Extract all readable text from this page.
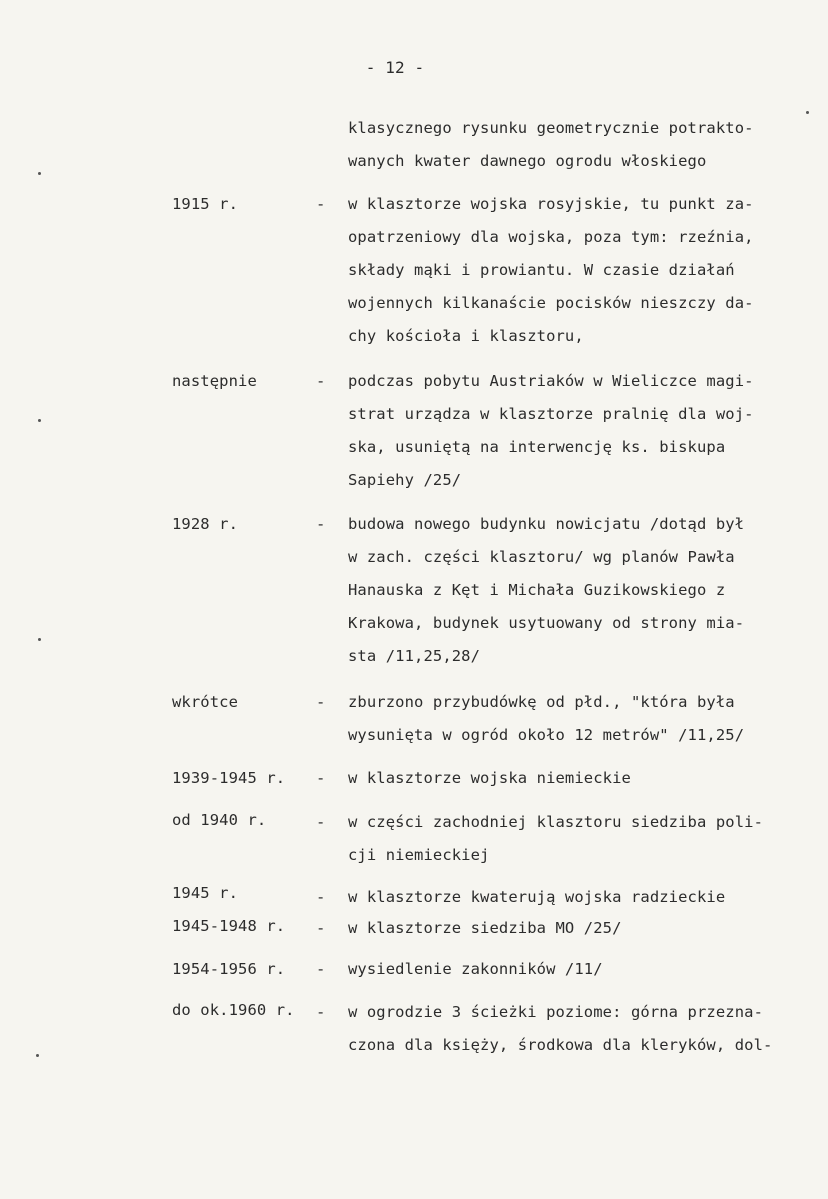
- 12 -
klasycznego rysunku geometrycznie potrakto-
wanych kwater dawnego ogrodu włoskiego
1915 r.	- w klasztorze wojska rosyjskie, tu punkt za-
opatrzeniowy dla wojska, poza tym: rzeźnia,
składy mąki i prowiantu. W czasie działań
wojennych kilkanaście pocisków nieszczy da-
chy kościoła i klasztoru,
następnie	- podczas pobytu Austriaków w Wieliczce magi-
strat urządza w klasztorze pralnię dla woj-
ska, usuniętą na interwencję ks. biskupa
Sapiehy /25/
1928 r.	- budowa nowego budynku nowicjatu /dotąd był
w zach. części klasztoru/ wg planów Pawła
Hanauska z Kęt i Michała Guzikowskiego z
Krakowa, budynek usytuowany od strony mia-
sta /11,25,28/
wkrótce	- zburzono przybudówkę od płd., "która była
wysunięta w ogród około 12 metrów" /11,25/
1939-1945 r. - w klasztorze wojska niemieckie
od 1940 r.	- w części zachodniej klasztoru siedziba poli-
cji niemieckiej
1945 r.	- w klasztorze kwaterują wojska radzieckie
1945-1948 r. - w klasztorze siedziba MO /25/
1954-1956 r. - wysiedlenie zakonników /11/
do ok.1960 r. - w ogrodzie 3 ścieżki poziome: górna przezna-
czona dla księży, środkowa dla kleryków, dol-
